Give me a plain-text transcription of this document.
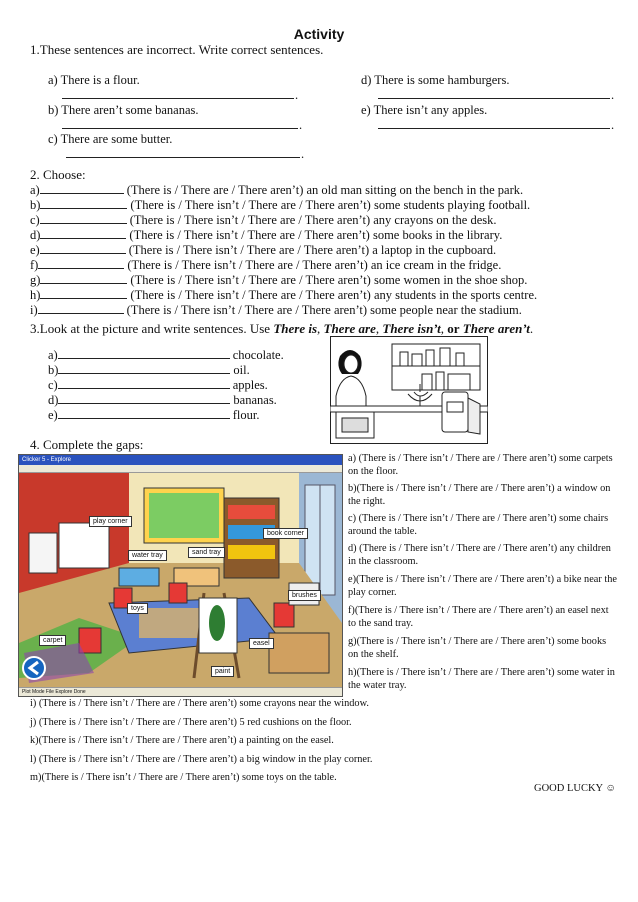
Activity
1.These sentences are incorrect. Write correct sentences.
a) There is a flour.
.
b) There aren’t some bananas.
.
c) There are some butter.
.
d) There is some hamburgers.
.
e) There isn’t any apples.
.
2. Choose:
a)	(There is / There are / There aren’t) an old man sitting on the bench in the park.
b)	(There is / There isn’t / There are / There aren’t) some students playing football.
c)	(There is / There isn’t / There are / There aren’t) any crayons on the desk.
d)	(There is / There isn’t / There are / There aren’t) some books in the library.
e)	(There is / There isn’t / There are / There aren’t) a laptop in the cupboard.
f)	(There is / There isn’t / There are / There aren’t) an ice cream in the fridge.
g)	(There is / There isn’t / There are / There aren’t) some women in the shoe shop.
h)	(There is / There isn’t / There are / There aren’t) any students in the sports centre.
i)	(There is / There isn’t / There are / There aren’t) some people near the stadium.
3.Look at the picture and write sentences. Use There is, There are, There isn’t, or There aren’t.
a)	chocolate.
b)	oil.
c)	apples.
d)	bananas.
e)	flour.
4. Complete the gaps:
Clicker 5 - Explore
play corner
book corner
water tray	sand tray
brushes
toys
carpet	easel
paint
Plot Mode File Explore Done
a) (There is / There isn’t / There are / There aren’t) some carpets on the floor.
b)(There is / There isn’t / There are / There aren’t) a window on the right.
c) (There is / There isn’t / There are / There aren’t) some chairs around the table.
d) (There is / There isn’t / There are / There aren’t) any children in the classroom.
e)(There is / There isn’t / There are / There aren’t) a bike near the play corner.
f)(There is / There isn’t / There are / There aren’t) an easel next to the sand tray.
g)(There is / There isn’t / There are / There aren’t) some books on the shelf.
h)(There is / There isn’t / There are / There aren’t) some water in the water tray.
i) (There is / There isn’t / There are / There aren’t) some crayons near the window.
j) (There is / There isn’t / There are / There aren’t) 5 red cushions on the floor.
k)(There is / There isn’t / There are / There aren’t) a painting on the easel.
l) (There is / There isn’t / There are / There aren’t) a big window in the play corner.
m)(There is / There isn’t / There are / There aren’t) some toys on the table.
GOOD LUCKY ☺
